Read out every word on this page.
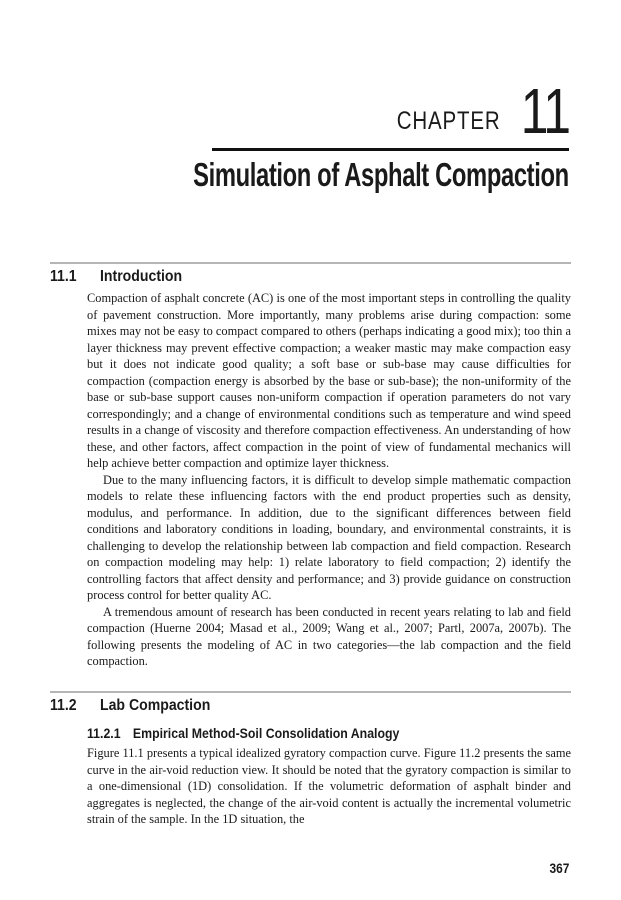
CHAPTER 11
Simulation of Asphalt Compaction
11.1 Introduction

Compaction of asphalt concrete (AC) is one of the most important steps in controlling the quality of pavement construction. More importantly, many problems arise during compaction: some mixes may not be easy to compact compared to others (perhaps indicating a good mix); too thin a layer thickness may prevent effective compaction; a weaker mastic may make compaction easy but it does not indicate good quality; a soft base or sub-base may cause difficulties for compaction (compaction energy is absorbed by the base or sub-base); the non-uniformity of the base or sub-base support causes non-uniform compaction if operation parameters do not vary correspondingly; and a change of environmental conditions such as temperature and wind speed results in a change of viscosity and therefore compaction effectiveness. An understanding of how these, and other factors, affect compaction in the point of view of fundamental mechanics will help achieve better compaction and optimize layer thickness.

Due to the many influencing factors, it is difficult to develop simple mathematic compaction models to relate these influencing factors with the end product properties such as density, modulus, and performance. In addition, due to the significant differences between field conditions and laboratory conditions in loading, boundary, and environmental constraints, it is challenging to develop the relationship between lab compaction and field compaction. Research on compaction modeling may help: 1) relate laboratory to field compaction; 2) identify the controlling factors that affect density and performance; and 3) provide guidance on construction process control for better quality AC.

A tremendous amount of research has been conducted in recent years relating to lab and field compaction (Huerne 2004; Masad et al., 2009; Wang et al., 2007; Partl, 2007a, 2007b). The following presents the modeling of AC in two categories—the lab compaction and the field compaction.

11.2 Lab Compaction
11.2.1 Empirical Method-Soil Consolidation Analogy

Figure 11.1 presents a typical idealized gyratory compaction curve. Figure 11.2 presents the same curve in the air-void reduction view. It should be noted that the gyratory compaction is similar to a one-dimensional (1D) consolidation. If the volumetric deformation of asphalt binder and aggregates is neglected, the change of the air-void content is actually the incremental volumetric strain of the sample. In the 1D situation, the

367
